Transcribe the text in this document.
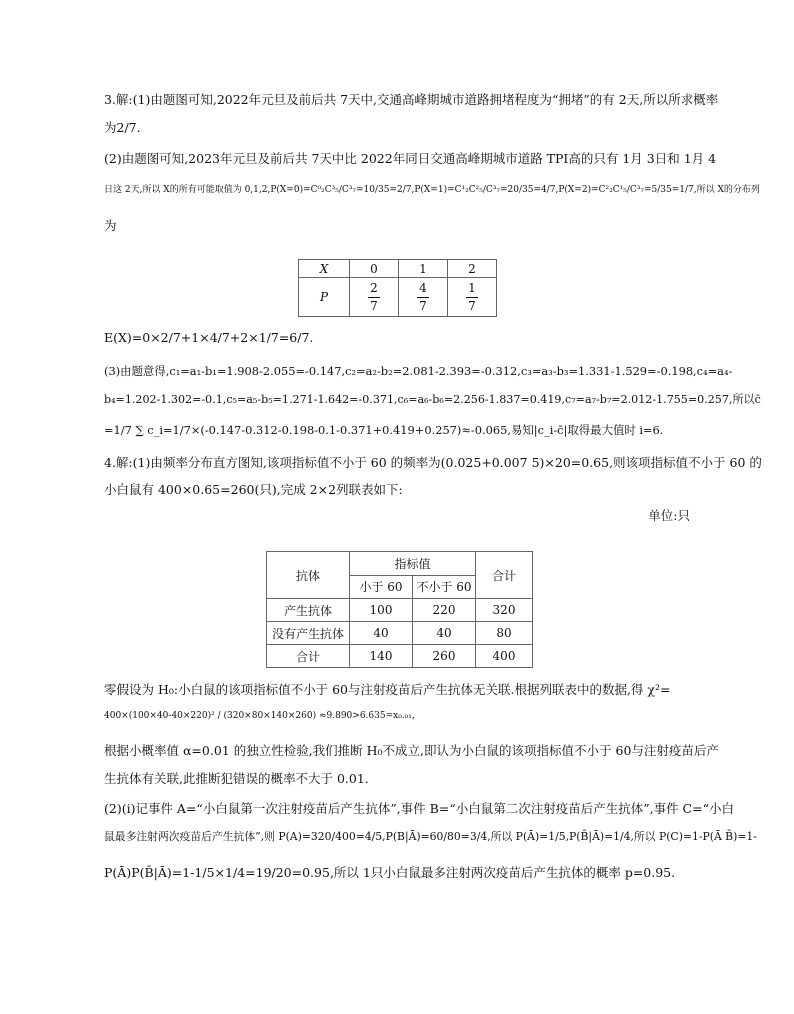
3.解:(1)由题图可知,2022年元旦及前后共 7天中,交通高峰期城市道路拥堵程度为“拥堵”的有 2天,所以所求概率
为2/7.
(2)由题图可知,2023年元旦及前后共 7天中比 2022年同日交通高峰期城市道路 TPI高的只有 1月 3日和 1月 4
日这 2天,所以 X的所有可能取值为 0,1,2,P(X=0)=C⁰₂C³₅/C³₇=10/35=2/7,P(X=1)=C¹₂C²₅/C³₇=20/35=4/7,P(X=2)=C²₂C¹₅/C³₇=5/35=1/7,所以 X的分布列
为
X	0	1	2
P	$\frac{2}{7}$	$\frac{4}{7}$	$\frac{1}{7}$
E(X)=0×2/7+1×4/7+2×1/7=6/7.
(3)由题意得,c₁=a₁-b₁=1.908-2.055=-0.147,c₂=a₂-b₂=2.081-2.393=-0.312,c₃=a₃-b₃=1.331-1.529=-0.198,c₄=a₄-
b₄=1.202-1.302=-0.1,c₅=a₅-b₅=1.271-1.642=-0.371,c₆=a₆-b₆=2.256-1.837=0.419,c₇=a₇-b₇=2.012-1.755=0.257,所以c̄
=1/7 ∑ c_i=1/7×(-0.147-0.312-0.198-0.1-0.371+0.419+0.257)≈-0.065,易知|c_i-c̄|取得最大值时 i=6.
4.解:(1)由频率分布直方图知,该项指标值不小于 60 的频率为(0.025+0.007 5)×20=0.65,则该项指标值不小于 60 的
小白鼠有 400×0.65=260(只),完成 2×2列联表如下:
单位:只
抗体	指标值		合计
	小于 60	不小于 60	
产生抗体	100	220	320
没有产生抗体	40	40	80
合计	140	260	400
零假设为 H₀:小白鼠的该项指标值不小于 60与注射疫苗后产生抗体无关联.根据列联表中的数据,得 χ²=
400×(100×40-40×220)² / (320×80×140×260) ≈9.890>6.635=x₀.₀₁,
根据小概率值 α=0.01 的独立性检验,我们推断 H₀不成立,即认为小白鼠的该项指标值不小于 60与注射疫苗后产
生抗体有关联,此推断犯错误的概率不大于 0.01.
(2)(i)记事件 A=“小白鼠第一次注射疫苗后产生抗体”,事件 B=“小白鼠第二次注射疫苗后产生抗体”,事件 C=“小白
鼠最多注射两次疫苗后产生抗体”,则 P(A)=320/400=4/5,P(B|Ā)=60/80=3/4,所以 P(Ā)=1/5,P(B̄|Ā)=1/4,所以 P(C)=1-P(Ā B̄)=1-
P(Ā)P(B̄|Ā)=1-1/5×1/4=19/20=0.95,所以 1只小白鼠最多注射两次疫苗后产生抗体的概率 p=0.95.
